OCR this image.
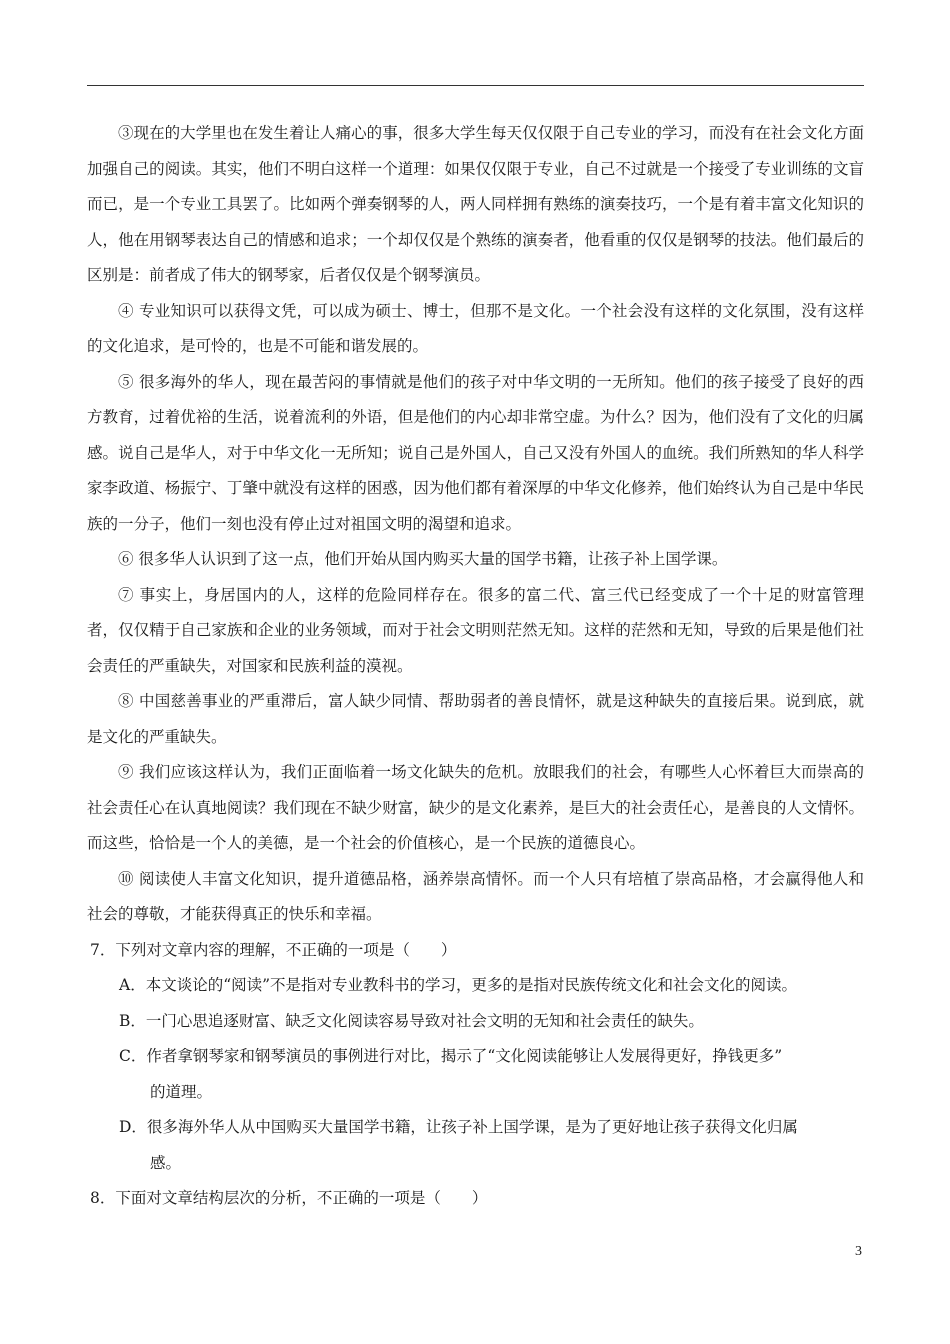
③现在的大学里也在发生着让人痛心的事，很多大学生每天仅仅限于自己专业的学习，而没有在社会文化方面加强自己的阅读。其实，他们不明白这样一个道理：如果仅仅限于专业，自己不过就是一个接受了专业训练的文盲而已，是一个专业工具罢了。比如两个弹奏钢琴的人，两人同样拥有熟练的演奏技巧，一个是有着丰富文化知识的人，他在用钢琴表达自己的情感和追求；一个却仅仅是个熟练的演奏者，他看重的仅仅是钢琴的技法。他们最后的区别是：前者成了伟大的钢琴家，后者仅仅是个钢琴演员。

④ 专业知识可以获得文凭，可以成为硕士、博士，但那不是文化。一个社会没有这样的文化氛围，没有这样的文化追求，是可怜的，也是不可能和谐发展的。

⑤ 很多海外的华人，现在最苦闷的事情就是他们的孩子对中华文明的一无所知。他们的孩子接受了良好的西方教育，过着优裕的生活，说着流利的外语，但是他们的内心却非常空虚。为什么？因为，他们没有了文化的归属感。说自己是华人，对于中华文化一无所知；说自己是外国人，自己又没有外国人的血统。我们所熟知的华人科学家李政道、杨振宁、丁肇中就没有这样的困惑，因为他们都有着深厚的中华文化修养，他们始终认为自己是中华民族的一分子，他们一刻也没有停止过对祖国文明的渴望和追求。

⑥ 很多华人认识到了这一点，他们开始从国内购买大量的国学书籍，让孩子补上国学课。

⑦ 事实上，身居国内的人，这样的危险同样存在。很多的富二代、富三代已经变成了一个十足的财富管理者，仅仅精于自己家族和企业的业务领域，而对于社会文明则茫然无知。这样的茫然和无知，导致的后果是他们社会责任的严重缺失，对国家和民族利益的漠视。

⑧ 中国慈善事业的严重滞后，富人缺少同情、帮助弱者的善良情怀，就是这种缺失的直接后果。说到底，就是文化的严重缺失。

⑨ 我们应该这样认为，我们正面临着一场文化缺失的危机。放眼我们的社会，有哪些人心怀着巨大而崇高的社会责任心在认真地阅读？我们现在不缺少财富，缺少的是文化素养，是巨大的社会责任心，是善良的人文情怀。而这些，恰恰是一个人的美德，是一个社会的价值核心，是一个民族的道德良心。

⑩ 阅读使人丰富文化知识，提升道德品格，涵养崇高情怀。而一个人只有培植了崇高品格，才会赢得他人和社会的尊敬，才能获得真正的快乐和幸福。

7．下列对文章内容的理解，不正确的一项是（　　）

A．本文谈论的“阅读”不是指对专业教科书的学习，更多的是指对民族传统文化和社会文化的阅读。

B．一门心思追逐财富、缺乏文化阅读容易导致对社会文明的无知和社会责任的缺失。

C．作者拿钢琴家和钢琴演员的事例进行对比，揭示了“文化阅读能够让人发展得更好，挣钱更多”
的道理。

D．很多海外华人从中国购买大量国学书籍，让孩子补上国学课，是为了更好地让孩子获得文化归属
感。

8．下面对文章结构层次的分析，不正确的一项是（　　）

3
